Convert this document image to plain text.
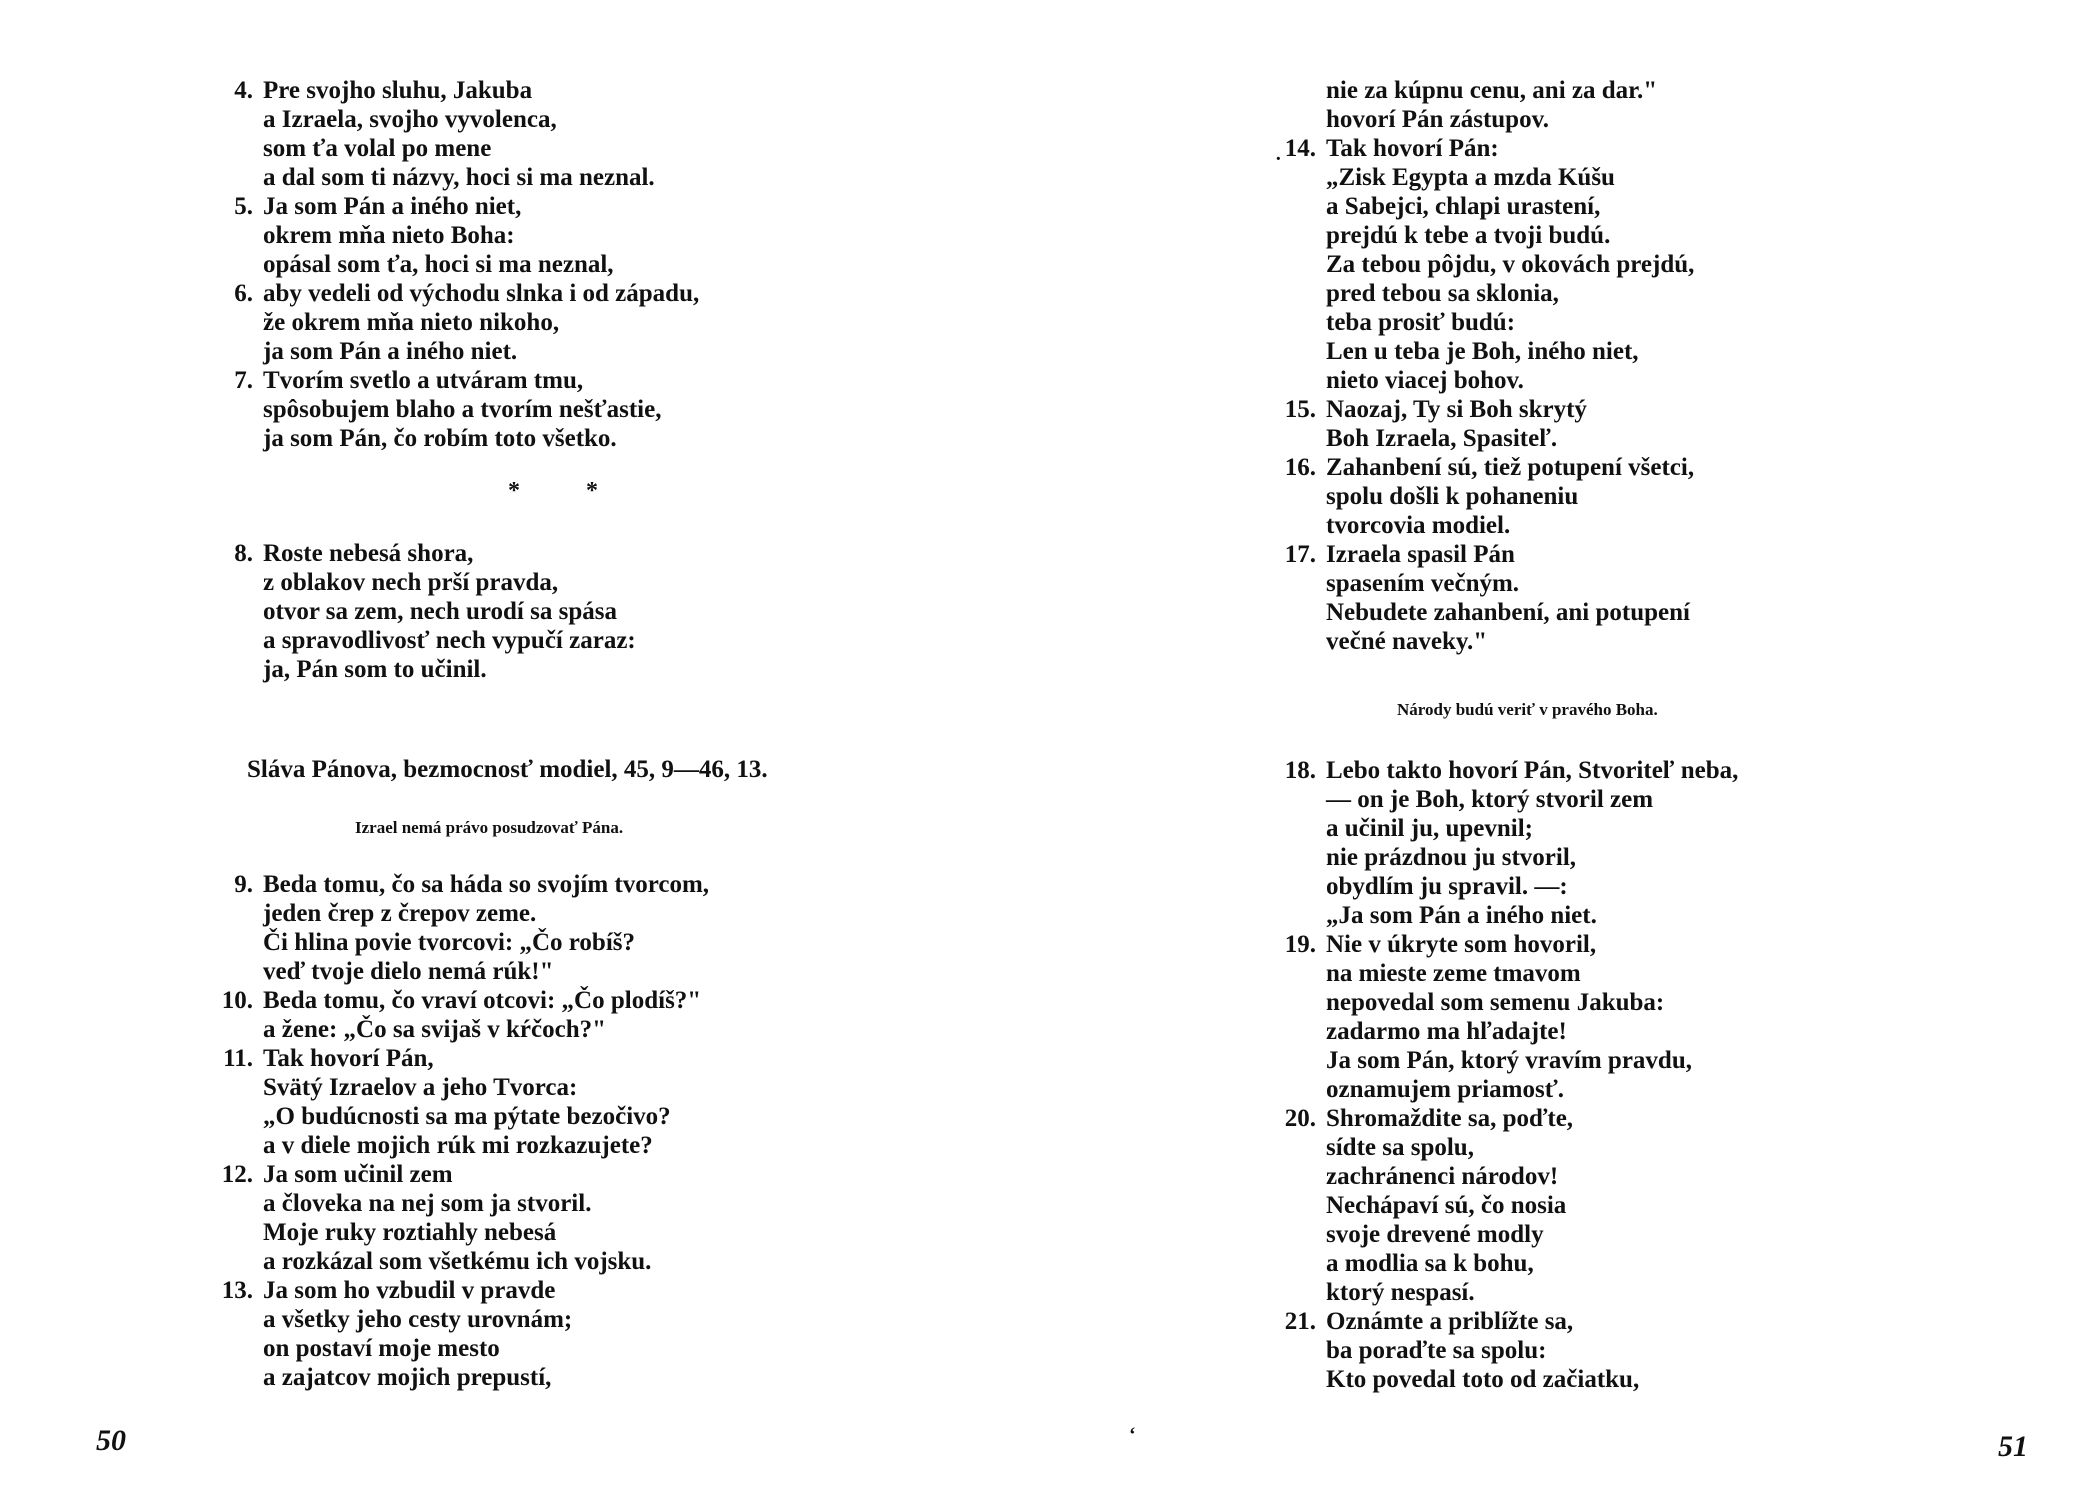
4. Pre svojho sluhu, Jakuba
a Izraela, svojho vyvolenca,
som ťa volal po mene
a dal som ti názvy, hoci si ma neznal.
5. Ja som Pán a iného niet,
okrem mňa nieto Boha:
opásal som ťa, hoci si ma neznal,
6. aby vedeli od východu slnka i od západu,
že okrem mňa nieto nikoho,
ja som Pán a iného niet.
7. Tvorím svetlo a utváram tmu,
spôsobujem blaho a tvorím nešťastie,
ja som Pán, čo robím toto všetko.
* *
8. Roste nebesá shora,
z oblakov nech prší pravda,
otvor sa zem, nech urodí sa spása
a spravodlivosť nech vypučí zaraz:
ja, Pán som to učinil.
Sláva Pánova, bezmocnosť modiel, 45, 9—46, 13.
Izrael nemá právo posudzovať Pána.
9. Beda tomu, čo sa háda so svojím tvorcom,
jeden črep z črepov zeme.
Či hlina povie tvorcovi: „Čo robíš?
veď tvoje dielo nemá rúk!"
10. Beda tomu, čo vraví otcovi: „Čo plodíš?"
a žene: „Čo sa svijaš v kŕčoch?"
11. Tak hovorí Pán,
Svätý Izraelov a jeho Tvorca:
„O budúcnosti sa ma pýtate bezočivo?
a v diele mojich rúk mi rozkazujete?
12. Ja som učinil zem
a človeka na nej som ja stvoril.
Moje ruky roztiahly nebesá
a rozkázal som všetkému ich vojsku.
13. Ja som ho vzbudil v pravde
a všetky jeho cesty urovnám;
on postaví moje mesto
a zajatcov mojich prepustí,
50
·
nie za kúpnu cenu, ani za dar."
hovorí Pán zástupov.
14. Tak hovorí Pán:
„Zisk Egypta a mzda Kúšu
a Sabejci, chlapi urastení,
prejdú k tebe a tvoji budú.
Za tebou pôjdu, v okovách prejdú,
pred tebou sa sklonia,
teba prosiť budú:
Len u teba je Boh, iného niet,
nieto viacej bohov.
15. Naozaj, Ty si Boh skrytý
Boh Izraela, Spasiteľ.
16. Zahanbení sú, tiež potupení všetci,
spolu došli k pohaneniu
tvorcovia modiel.
17. Izraela spasil Pán
spasením večným.
Nebudete zahanbení, ani potupení
večné naveky."
Národy budú veriť v pravého Boha.
18. Lebo takto hovorí Pán, Stvoriteľ neba,
— on je Boh, ktorý stvoril zem
a učinil ju, upevnil;
nie prázdnou ju stvoril,
obydlím ju spravil. —:
„Ja som Pán a iného niet.
19. Nie v úkryte som hovoril,
na mieste zeme tmavom
nepovedal som semenu Jakuba:
zadarmo ma hľadajte!
Ja som Pán, ktorý vravím pravdu,
oznamujem priamosť.
20. Shromaždite sa, poďte,
sídte sa spolu,
zachránenci národov!
Nechápaví sú, čo nosia
svoje drevené modly
a modlia sa k bohu,
ktorý nespasí.
21. Oznámte a priblížte sa,
ba poraďte sa spolu:
Kto povedal toto od začiatku,
51
‘
